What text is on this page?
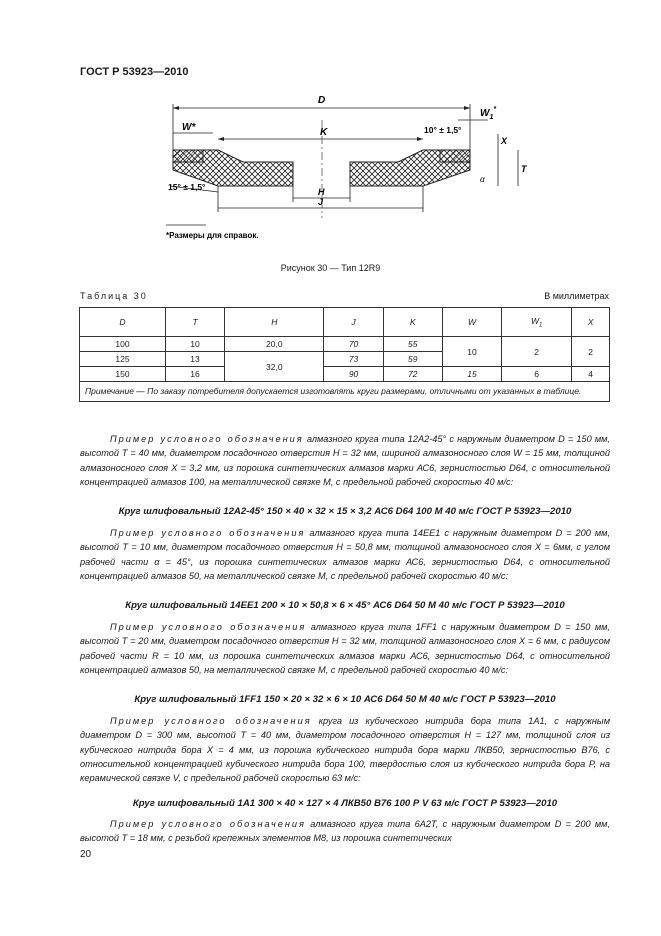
ГОСТ Р 53923—2010
D
$W_1^*$
W*	K	10° ± 1,5°
X
T
α
15° ± 1,5°	H
J
*Размеры для справок.
Рисунок 30 — Тип 12R9
Таблица 30	В миллиметрах
D	T	H	J	K	W	$W_1$	X
100	10	20,0	70	55	10	2	2
125	13	32,0	73	59			
150	16		90	72	15	6	4
Примечание — По заказу потребителя допускается изготовлять круги размерами, отличными от указанных в таблице.							

Пример условного обозначения алмазного круга типа 12А2-45° с наружным диаметром D = 150 мм, высотой T = 40 мм, диаметром посадочного отверстия H = 32 мм, шириной алмазоносного слоя W = 15 мм, толщиной алмазоносного слоя X = 3,2 мм, из порошка синтетических алмазов марки АС6, зернистостью D64, с относительной концентрацией алмазов 100, на металлической связке М, с предельной рабочей скоростью 40 м/с:

Круг шлифовальный 12А2-45° 150 × 40 × 32 × 15 × 3,2 АС6 D64 100 М 40 м/с ГОСТ Р 53923—2010

Пример условного обозначения алмазного круга типа 14ЕЕ1 с наружным диаметром D = 200 мм, высотой T = 10 мм, диаметром посадочного отверстия H = 50,8 мм, толщиной алмазоносного слоя X = 6мм, с углом рабочей части α = 45°, из порошка синтетических алмазов марки АС6, зернистостью D64, с относительной концентрацией алмазов 50, на металлической связке М, с предельной рабочей скоростью 40 м/с:

Круг шлифовальный 14ЕЕ1 200 × 10 × 50,8 × 6 × 45° АС6 D64 50 М 40 м/с ГОСТ Р 53923—2010

Пример условного обозначения алмазного круга типа 1FF1 с наружным диаметром D = 150 мм, высотой T = 20 мм, диаметром посадочного отверстия H = 32 мм, толщиной алмазоносного слоя X = 6 мм, с радиусом рабочей части R = 10 мм, из порошка синтетических алмазов марки АС6, зернистостью D64, с относительной концентрацией алмазов 50, на металлической связке М, с предельной рабочей скоростью 40 м/с:

Круг шлифовальный 1FF1 150 × 20 × 32 × 6 × 10 АС6 D64 50 М 40 м/с ГОСТ Р 53923—2010

Пример условного обозначения круга из кубического нитрида бора типа 1А1, с наружным диаметром D = 300 мм, высотой T = 40 мм, диаметром посадочного отверстия H = 127 мм, толщиной слоя из кубического нитрида бора X = 4 мм, из порошка кубического нитрида бора марки ЛКВ50, зернистостью В76, с относительной концентрацией кубического нитрида бора 100, твердостью слоя из кубического нитрида бора Р, на керамической связке V, с предельной рабочей скоростью 63 м/с:

Круг шлифовальный 1А1 300 × 40 × 127 × 4 ЛКВ50 В76 100 Р V 63 м/с ГОСТ Р 53923—2010

Пример условного обозначения алмазного круга типа 6А2Т, с наружным диаметром D = 200 мм, высотой T = 18 мм, с резьбой крепежных элементов М8, из порошка синтетических

20
